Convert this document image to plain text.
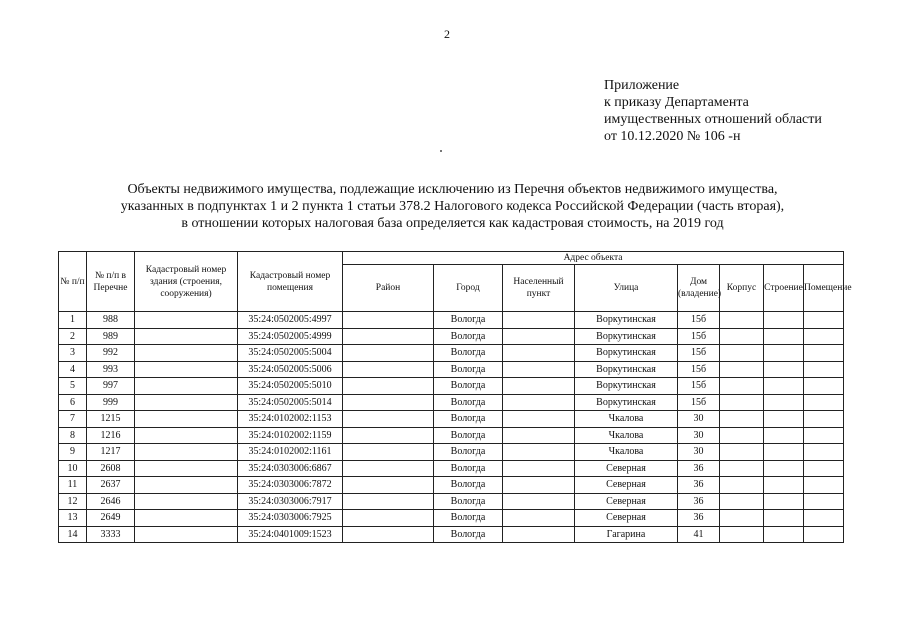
2
Приложение
к приказу Департамента
имущественных отношений области
от 10.12.2020 № 106 -н
Объекты недвижимого имущества, подлежащие исключению из Перечня объектов недвижимого имущества,
указанных в подпунктах 1 и 2 пункта 1 статьи 378.2 Налогового кодекса Российской Федерации (часть вторая),
в отношении которых налоговая база определяется как кадастровая стоимость, на 2019 год
№ п/п	№ п/п в Перечне	Кадастровый номер здания (строения, сооружения)	Кадастровый номер помещения	Адрес объекта							
				Район	Город	Населенный пункт	Улица	Дом (владение)	Корпус	Строение	Помещение
1	988		35:24:0502005:4997		Вологда		Воркутинская	15б			
2	989		35:24:0502005:4999		Вологда		Воркутинская	15б			
3	992		35:24:0502005:5004		Вологда		Воркутинская	15б			
4	993		35:24:0502005:5006		Вологда		Воркутинская	15б			
5	997		35:24:0502005:5010		Вологда		Воркутинская	15б			
6	999		35:24:0502005:5014		Вологда		Воркутинская	15б			
7	1215		35:24:0102002:1153		Вологда		Чкалова	30			
8	1216		35:24:0102002:1159		Вологда		Чкалова	30			
9	1217		35:24:0102002:1161		Вологда		Чкалова	30			
10	2608		35:24:0303006:6867		Вологда		Северная	36			
11	2637		35:24:0303006:7872		Вологда		Северная	36			
12	2646		35:24:0303006:7917		Вологда		Северная	36			
13	2649		35:24:0303006:7925		Вологда		Северная	36			
14	3333		35:24:0401009:1523		Вологда		Гагарина	41			
